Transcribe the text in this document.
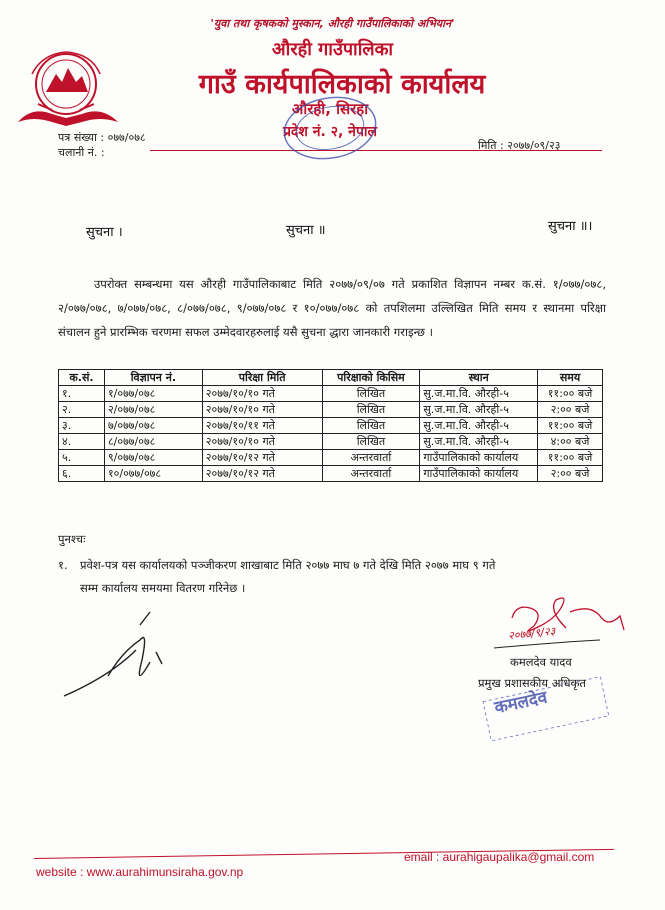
'युवा तथा कृषकको मुस्कान, औरही गाउँपालिकाको अभियान'
औरही गाउँपालिका
गाउँ कार्यपालिकाको कार्यालय
औरही, सिरहा
प्रदेश नं. २, नेपाल
पत्र संख्या : ०७७/०७८
चलानी नं. :
मिति : २०७७/०९/२३
सुचना ।	सुचना ॥	सुचना ॥।

उपरोक्त सम्बन्धमा यस औरही गाउँपालिकाबाट मिति २०७७/०९/०७ गते प्रकाशित विज्ञापन नम्बर क.सं. १/०७७/०७८, २/०७७/०७८, ७/०७७/०७८, ८/०७७/०७८, ९/०७७/०७८ र १०/०७७/०७८ को तपशिलमा उल्लिखित मिति समय र स्थानमा परिक्षा संचालन हुने प्रारम्भिक चरणमा सफल उम्मेदवारहरुलाई यसै सुचना द्धारा जानकारी गराइन्छ ।

क.सं.	विज्ञापन नं.	परिक्षा मिति	परिक्षाको किसिम	स्थान	समय
१.	१/०७७/०७८	२०७७/१०/१० गते	लिखित	सु.ज.मा.वि. औरही-५	११:०० बजे
२.	२/०७७/०७८	२०७७/१०/१० गते	लिखित	सु.ज.मा.वि. औरही-५	२:०० बजे
३.	७/०७७/०७८	२०७७/१०/११ गते	लिखित	सु.ज.मा.वि. औरही-५	११:०० बजे
४.	८/०७७/०७८	२०७७/१०/१० गते	लिखित	सु.ज.मा.वि. औरही-५	४:०० बजे
५.	९/०७७/०७८	२०७७/१०/१२ गते	अन्तरवार्ता	गाउँपालिकाको कार्यालय	११:०० बजे
६.	१०/०७७/०७८	२०७७/१०/१२ गते	अन्तरवार्ता	गाउँपालिकाको कार्यालय	२:०० बजे
पुनश्चः
१. प्रवेश-पत्र यस कार्यालयको पञ्जीकरण शाखाबाट मिति २०७७ माघ ७ गते देखि मिति २०७७ माघ ९ गते
सम्म कार्यालय समयमा वितरण गरिनेछ ।
२०७७/९/२३
कमलदेव
कमलदेव यादव
प्रमुख प्रशासकीय अधिकृत
website : www.aurahimunsiraha.gov.np
email : aurahigaupalika@gmail.com
